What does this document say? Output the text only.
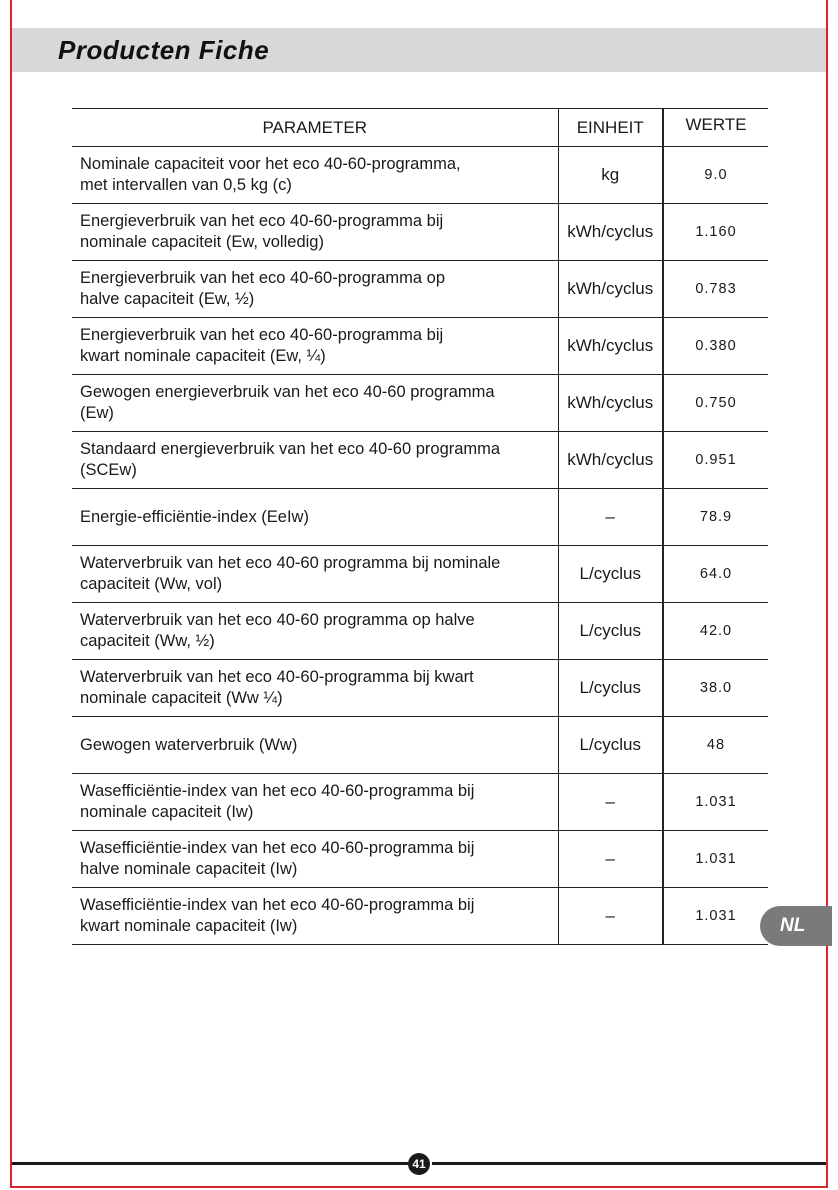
Producten Fiche
PARAMETER	EINHEIT	WERTE

Nominale capaciteit voor het eco 40-60-programma,
met intervallen van 0,5 kg (c)	kg	9.0

Energieverbruik van het eco 40-60-programma bij
nominale capaciteit (Ew, volledig)	kWh/cyclus	1.160

Energieverbruik van het eco 40-60-programma op
halve capaciteit (Ew, ½)	kWh/cyclus	0.783

Energieverbruik van het eco 40-60-programma bij
kwart nominale capaciteit (Ew, ¼)	kWh/cyclus	0.380

Gewogen energieverbruik van het eco 40-60 programma
(Ew)	kWh/cyclus	0.750

Standaard energieverbruik van het eco 40-60 programma
(SCEw)	kWh/cyclus	0.951

Energie-efficiëntie-index (EeIw)	–	78.9

Waterverbruik van het eco 40-60 programma bij nominale
capaciteit (Ww, vol)	L/cyclus	64.0

Waterverbruik van het eco 40-60 programma op halve
capaciteit (Ww, ½)	L/cyclus	42.0

Waterverbruik van het eco 40-60-programma bij kwart
nominale capaciteit (Ww ¼)	L/cyclus	38.0

Gewogen waterverbruik (Ww)	L/cyclus	48

Wasefficiëntie-index van het eco 40-60-programma bij
nominale capaciteit (Iw)	–	1.031

Wasefficiëntie-index van het eco 40-60-programma bij
halve nominale capaciteit (Iw)	–	1.031

Wasefficiëntie-index van het eco 40-60-programma bij
kwart nominale capaciteit (Iw)	–	1.031 NL
41
